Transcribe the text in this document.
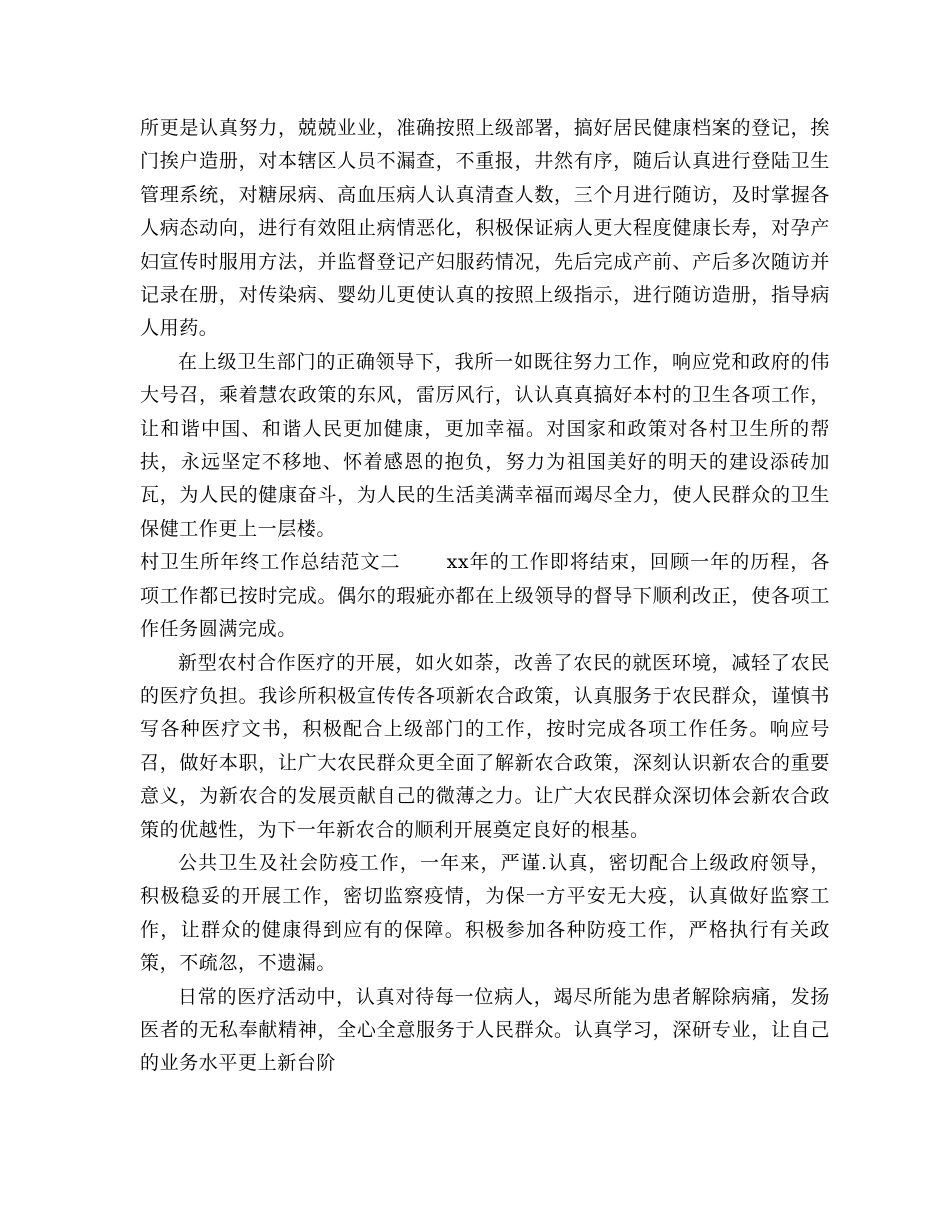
所更是认真努力，兢兢业业，准确按照上级部署，搞好居民健康档案的登记，挨门挨户造册，对本辖区人员不漏查，不重报，井然有序，随后认真进行登陆卫生管理系统，对糖尿病、高血压病人认真清查人数，三个月进行随访，及时掌握各人病态动向，进行有效阻止病情恶化，积极保证病人更大程度健康长寿，对孕产妇宣传时服用方法，并监督登记产妇服药情况，先后完成产前、产后多次随访并记录在册，对传染病、婴幼儿更使认真的按照上级指示，进行随访造册，指导病人用药。

在上级卫生部门的正确领导下，我所一如既往努力工作，响应党和政府的伟大号召，乘着慧农政策的东风，雷厉风行，认认真真搞好本村的卫生各项工作，让和谐中国、和谐人民更加健康，更加幸福。对国家和政策对各村卫生所的帮扶，永远坚定不移地、怀着感恩的抱负，努力为祖国美好的明天的建设添砖加瓦，为人民的健康奋斗，为人民的生活美满幸福而竭尽全力，使人民群众的卫生保健工作更上一层楼。

村卫生所年终工作总结范文二 xx年的工作即将结束，回顾一年的历程，各项工作都已按时完成。偶尔的瑕疵亦都在上级领导的督导下顺利改正，使各项工作任务圆满完成。

新型农村合作医疗的开展，如火如荼，改善了农民的就医环境，减轻了农民的医疗负担。我诊所积极宣传传各项新农合政策，认真服务于农民群众，谨慎书写各种医疗文书，积极配合上级部门的工作，按时完成各项工作任务。响应号召，做好本职，让广大农民群众更全面了解新农合政策，深刻认识新农合的重要意义，为新农合的发展贡献自己的微薄之力。让广大农民群众深切体会新农合政策的优越性，为下一年新农合的顺利开展奠定良好的根基。

公共卫生及社会防疫工作，一年来，严谨.认真，密切配合上级政府领导，积极稳妥的开展工作，密切监察疫情，为保一方平安无大疫，认真做好监察工作，让群众的健康得到应有的保障。积极参加各种防疫工作，严格执行有关政策，不疏忽，不遗漏。

日常的医疗活动中，认真对待每一位病人，竭尽所能为患者解除病痛，发扬医者的无私奉献精神，全心全意服务于人民群众。认真学习，深研专业，让自己的业务水平更上新台阶
